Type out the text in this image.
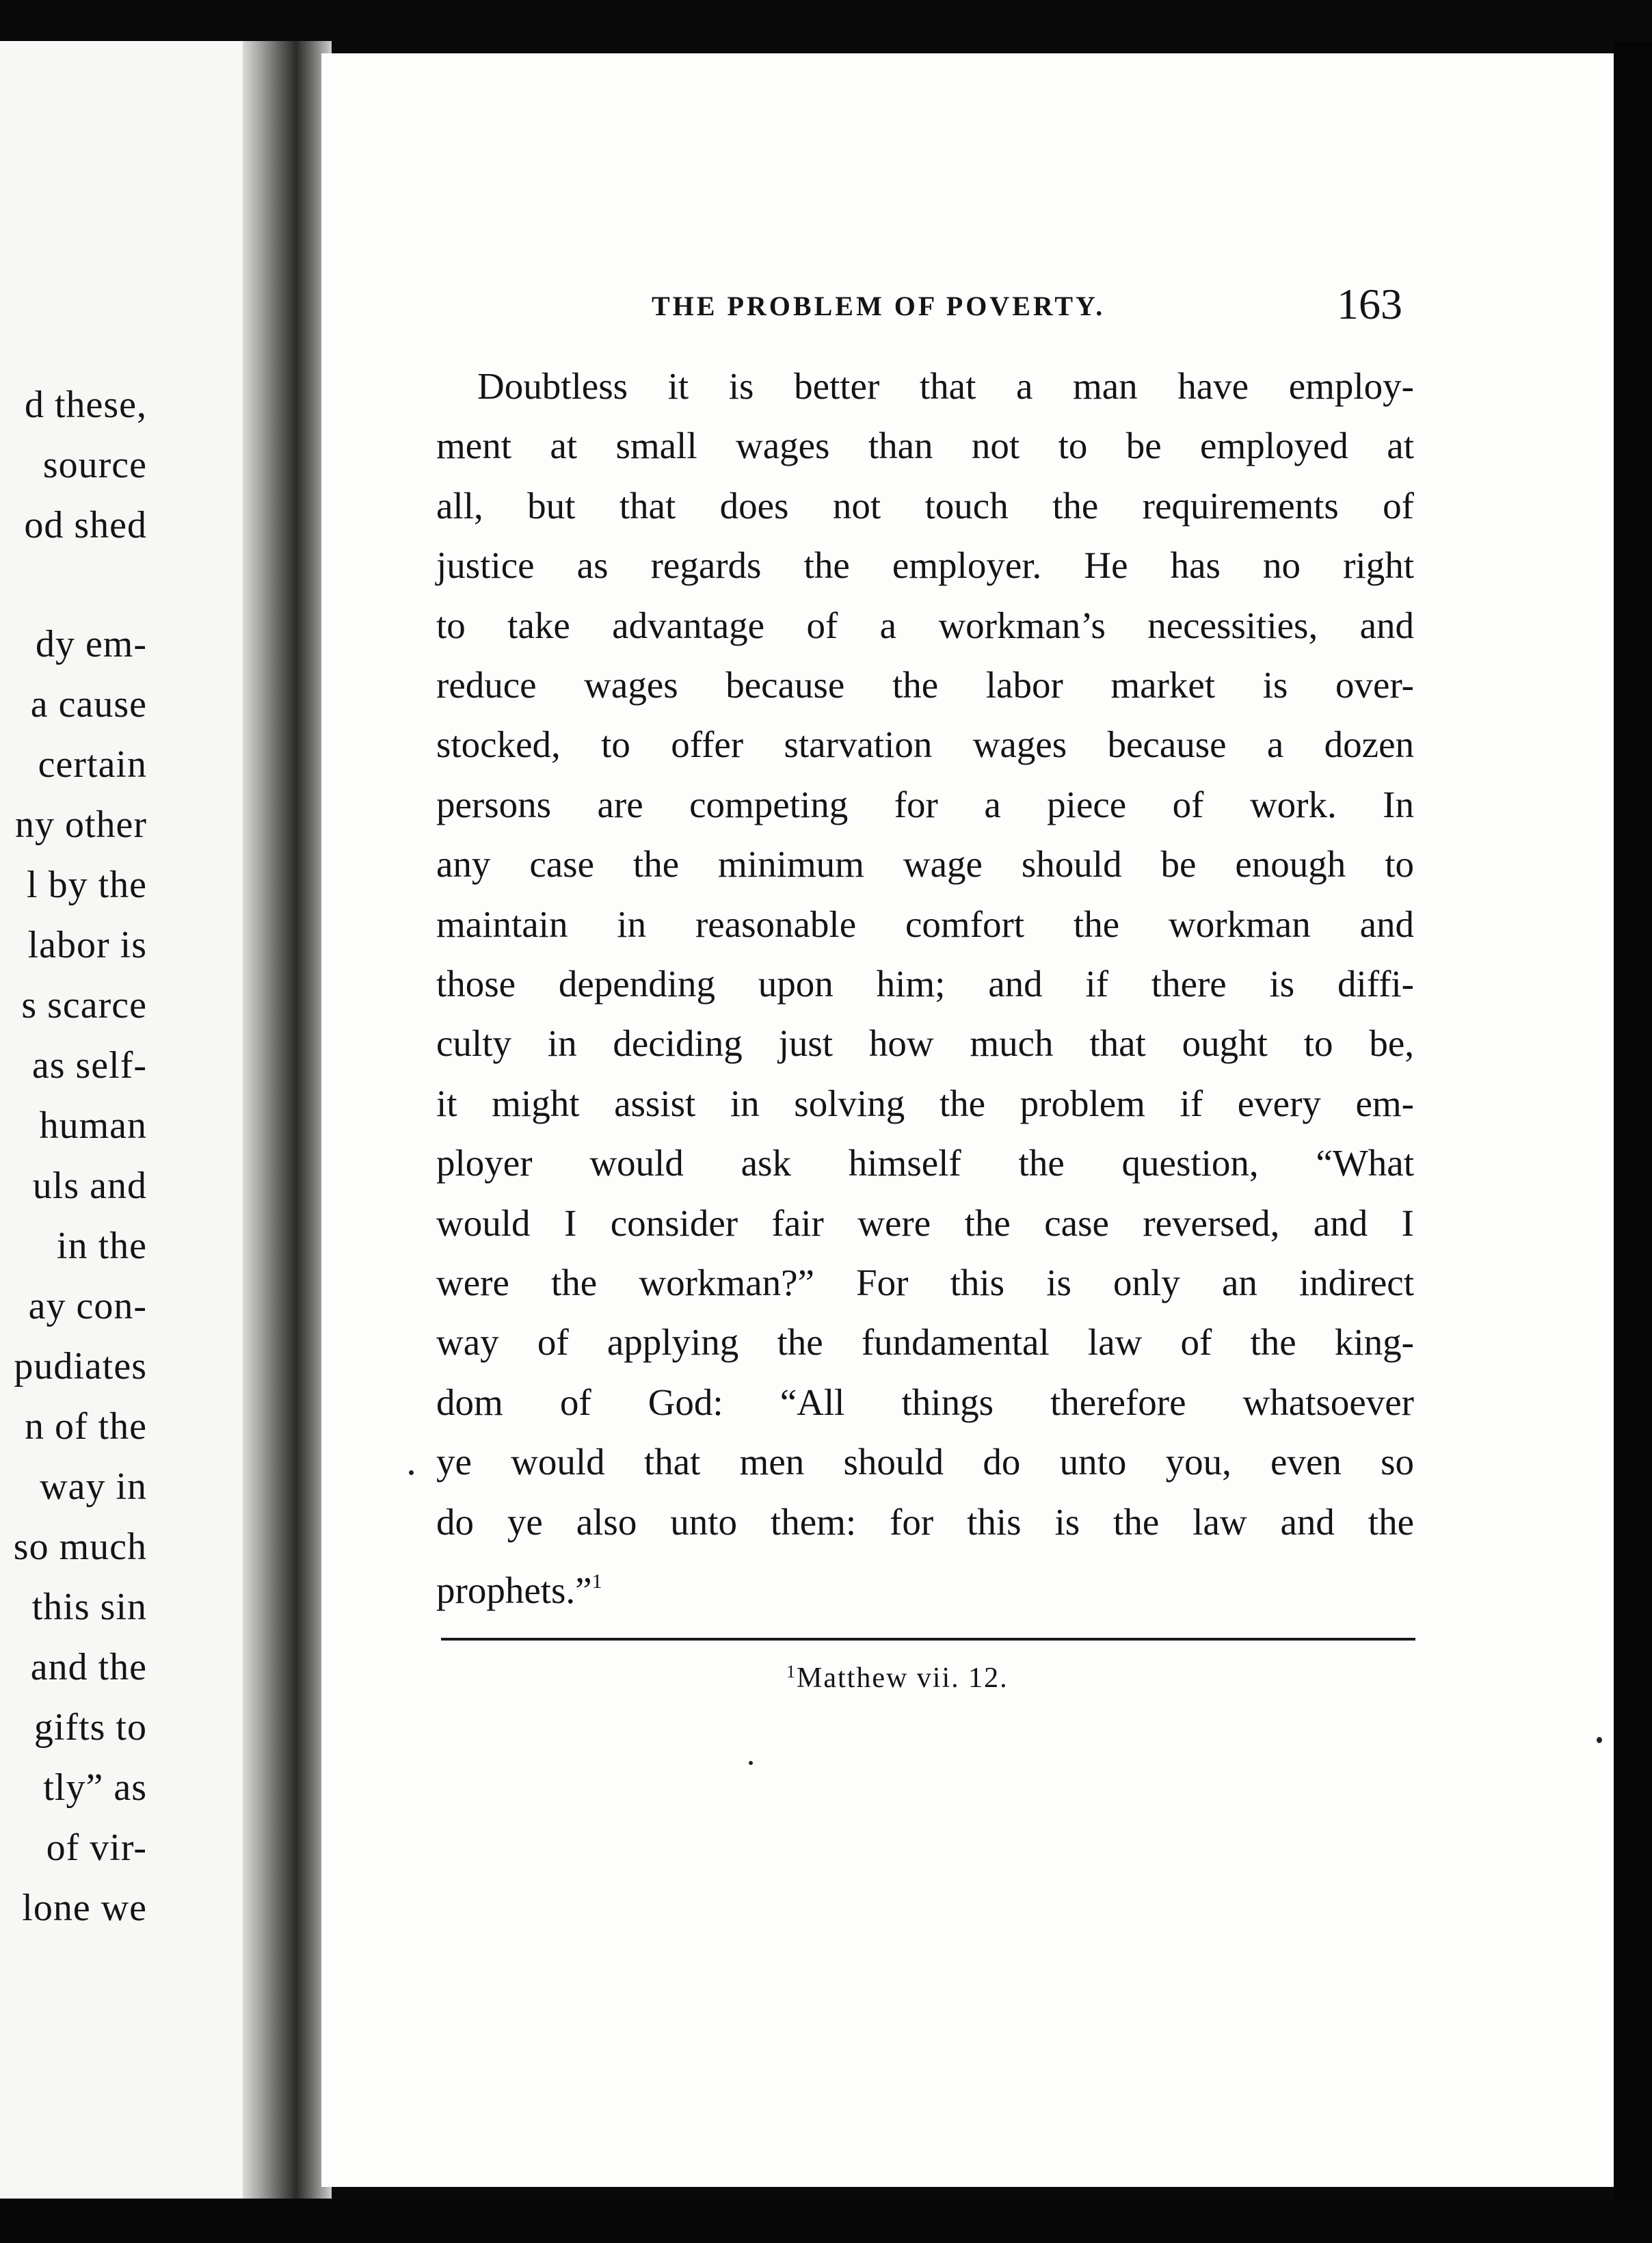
d these,
source
od shed
dy em-
a cause
certain
ny other
l by the
labor is
s scarce
as self-
human
uls and
in the
ay con-
pudiates
n of the
way in
so much
this sin
and the
gifts to
tly” as
of vir-
lone we
THE PROBLEM OF POVERTY.	163
Doubtless it is better that a man have employ-
ment at small wages than not to be employed at
all, but that does not touch the requirements of
justice as regards the employer. He has no right
to take advantage of a workman’s necessities, and
reduce wages because the labor market is over-
stocked, to offer starvation wages because a dozen
persons are competing for a piece of work. In
any case the minimum wage should be enough to
maintain in reasonable comfort the workman and
those depending upon him; and if there is diffi-
culty in deciding just how much that ought to be,
it might assist in solving the problem if every em-
ployer would ask himself the question, “What
would I consider fair were the case reversed, and I
were the workman?” For this is only an indirect
way of applying the fundamental law of the king-
dom of God: “All things therefore whatsoever
ye would that men should do unto you, even so
do ye also unto them: for this is the law and the
prophets.”$^1$
$^1$Matthew vii. 12.
